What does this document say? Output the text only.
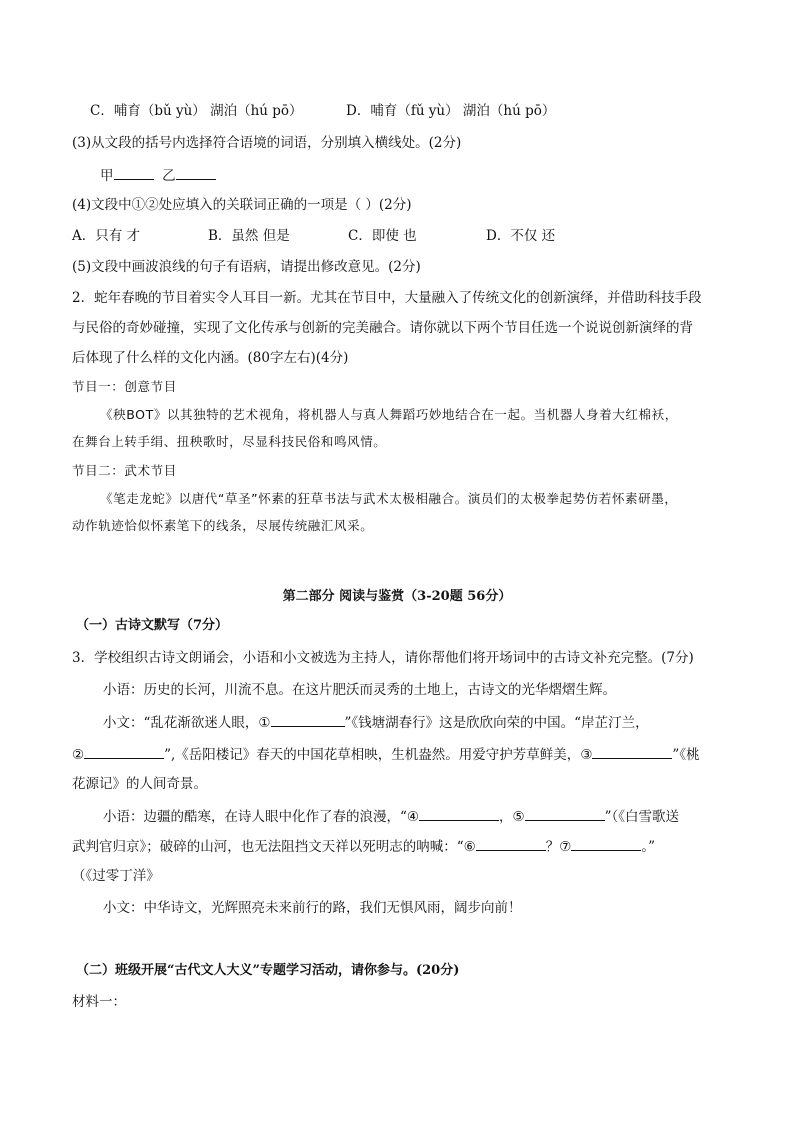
C．哺育（bǔ yù） 湖泊（hú pō）	D．哺育（fǔ yù） 湖泊（hú pō）
(3)从文段的括号内选择符合语境的词语，分别填入横线处。(2分)
甲	乙
(4)文段中①②处应填入的关联词正确的一项是（ ）(2分)
A．只有 才	B．虽然 但是	C．即使 也	D．不仅 还
(5)文段中画波浪线的句子有语病，请提出修改意见。(2分)
2．蛇年春晚的节目着实令人耳目一新。尤其在节目中，大量融入了传统文化的创新演绎，并借助科技手段
与民俗的奇妙碰撞，实现了文化传承与创新的完美融合。请你就以下两个节目任选一个说说创新演绎的背
后体现了什么样的文化内涵。(80字左右)(4分)
节目一：创意节目
《秧BOT》以其独特的艺术视角，将机器人与真人舞蹈巧妙地结合在一起。当机器人身着大红棉袄，
在舞台上转手绢、扭秧歌时，尽显科技民俗和鸣风情。
节目二：武术节目
《笔走龙蛇》以唐代“草圣”怀素的狂草书法与武术太极相融合。演员们的太极拳起势仿若怀素研墨，
动作轨迹恰似怀素笔下的线条，尽展传统融汇风采。
第二部分 阅读与鉴赏（3-20题 56分）
（一）古诗文默写（7分）
3．学校组织古诗文朗诵会，小语和小文被选为主持人，请你帮他们将开场词中的古诗文补充完整。(7分)
小语：历史的长河，川流不息。在这片肥沃而灵秀的土地上，古诗文的光华熠熠生辉。
小文：“乱花渐欲迷人眼，①	”《钱塘湖春行》这是欣欣向荣的中国。“岸芷汀兰，
②	”,《岳阳楼记》春天的中国花草相映，生机盎然。用爱守护芳草鲜美，③	”《桃
花源记》的人间奇景。
小语：边疆的酷寒，在诗人眼中化作了春的浪漫，“④	，⑤	”（《白雪歌送
武判官归京》；破碎的山河，也无法阻挡文天祥以死明志的呐喊：“⑥	？⑦	。”
（《过零丁洋》
小文：中华诗文，光辉照亮未来前行的路，我们无惧风雨，阔步向前！
（二）班级开展“古代文人大义”专题学习活动，请你参与。(20分)
材料一：
